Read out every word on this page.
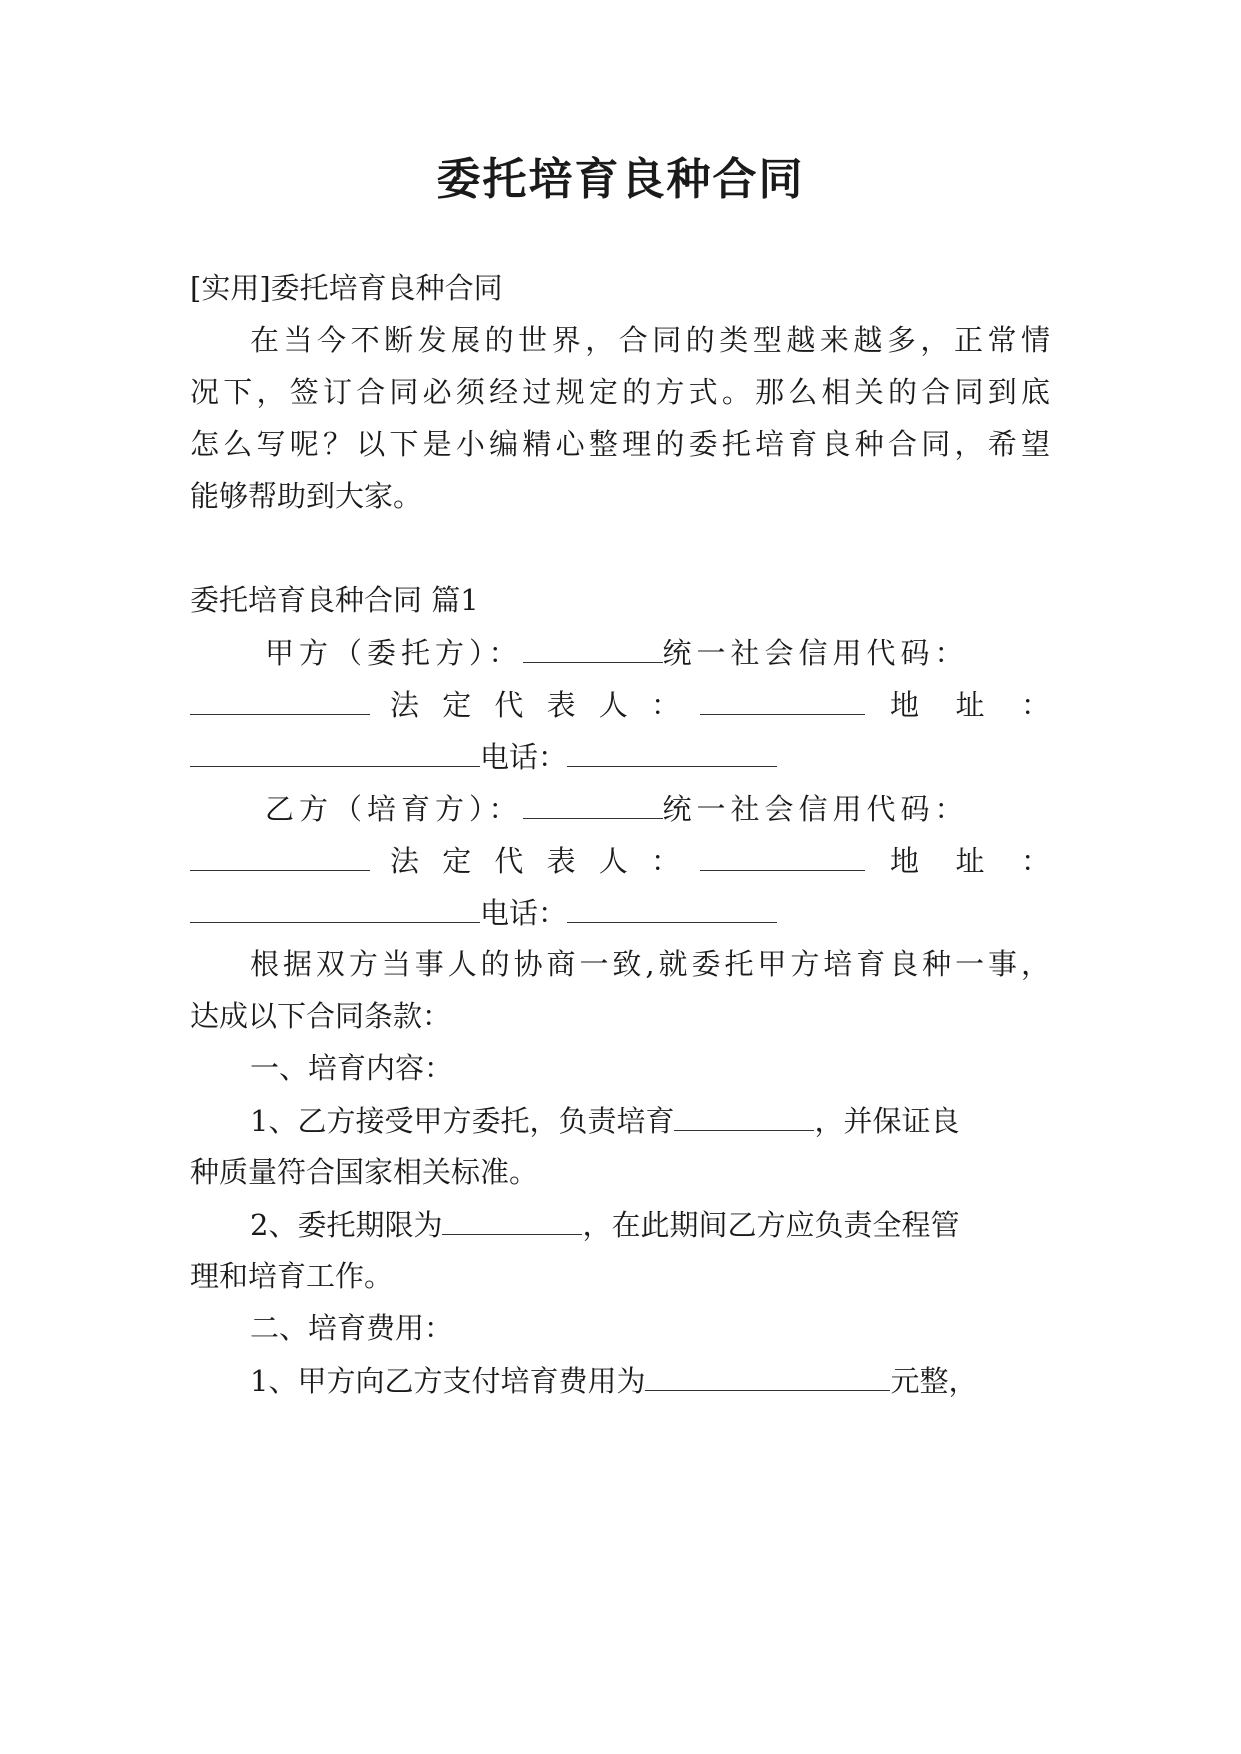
委托培育良种合同
[实用]委托培育良种合同
在当今不断发展的世界，合同的类型越来越多，正常情
况下，签订合同必须经过规定的方式。那么相关的合同到底
怎么写呢？以下是小编精心整理的委托培育良种合同，希望
能够帮助到大家。
委托培育良种合同 篇1
甲方（委托方）：	统一社会信用代码：
法定代表人：	地址：
电话：
乙方（培育方）：	统一社会信用代码：
法定代表人：	地址：
电话：
根据双方当事人的协商一致,就委托甲方培育良种一事，
达成以下合同条款：
一、培育内容：
1、乙方接受甲方委托，负责培育	，并保证良
种质量符合国家相关标准。
2、委托期限为	，在此期间乙方应负责全程管
理和培育工作。
二、培育费用：
1、甲方向乙方支付培育费用为	元整，
